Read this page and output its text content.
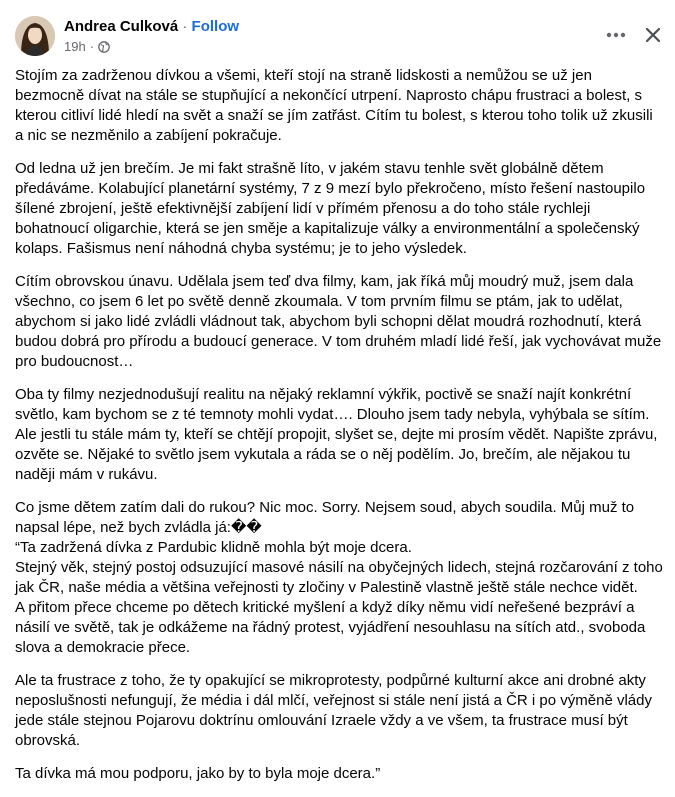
Andrea Culková · Follow
19h ·

Stojím za zadrženou dívkou a všemi, kteří stojí na straně lidskosti a nemůžou se už jen bezmocně dívat na stále se stupňující a nekončící utrpení. Naprosto chápu frustraci a bolest, s kterou citliví lidé hledí na svět a snaží se jím zatřást. Cítím tu bolest, s kterou toho tolik už zkusili a nic se nezměnilo a zabíjení pokračuje.

Od ledna už jen brečím. Je mi fakt strašně líto, v jakém stavu tenhle svět globálně dětem předáváme. Kolabující planetární systémy, 7 z 9 mezí bylo překročeno, místo řešení nastoupilo šílené zbrojení, ještě efektivnější zabíjení lidí v přímém přenosu a do toho stále rychleji bohatnoucí oligarchie, která se jen směje a kapitalizuje války a environmentální a společenský kolaps. Fašismus není náhodná chyba systému; je to jeho výsledek.

Cítím obrovskou únavu. Udělala jsem teď dva filmy, kam, jak říká můj moudrý muž, jsem dala všechno, co jsem 6 let po světě denně zkoumala. V tom prvním filmu se ptám, jak to udělat, abychom si jako lidé zvládli vládnout tak, abychom byli schopni dělat moudrá rozhodnutí, která budou dobrá pro přírodu a budoucí generace. V tom druhém mladí lidé řeší, jak vychovávat muže pro budoucnost…

Oba ty filmy nezjednodušují realitu na nějaký reklamní výkřik, poctivě se snaží najít konkrétní světlo, kam bychom se z té temnoty mohli vydat…. Dlouho jsem tady nebyla, vyhýbala se sítím. Ale jestli tu stále mám ty, kteří se chtějí propojit, slyšet se, dejte mi prosím vědět. Napište zprávu, ozvěte se. Nějaké to světlo jsem vykutala a ráda se o něj podělím. Jo, brečím, ale nějakou tu naději mám v rukávu.

Co jsme dětem zatím dali do rukou? Nic moc. Sorry. Nejsem soud, abych soudila. Můj muž to napsal lépe, než bych zvládla já:��
“Ta zadržená dívka z Pardubic klidně mohla být moje dcera.
Stejný věk, stejný postoj odsuzující masové násilí na obyčejných lidech, stejná rozčarování z toho jak ČR, naše média a většina veřejnosti ty zločiny v Palestině vlastně ještě stále nechce vidět.
A přitom přece chceme po dětech kritické myšlení a když díky němu vidí neřešené bezpráví a násilí ve světě, tak je odkážeme na řádný protest, vyjádření nesouhlasu na sítích atd., svoboda slova a demokracie přece.

Ale ta frustrace z toho, že ty opakující se mikroprotesty, podpůrné kulturní akce ani drobné akty neposlušnosti nefungují, že média i dál mlčí, veřejnost si stále není jistá a ČR i po výměně vlády jede stále stejnou Pojarovu doktrínu omlouvání Izraele vždy a ve všem, ta frustrace musí být obrovská.

Ta dívka má mou podporu, jako by to byla moje dcera.”
